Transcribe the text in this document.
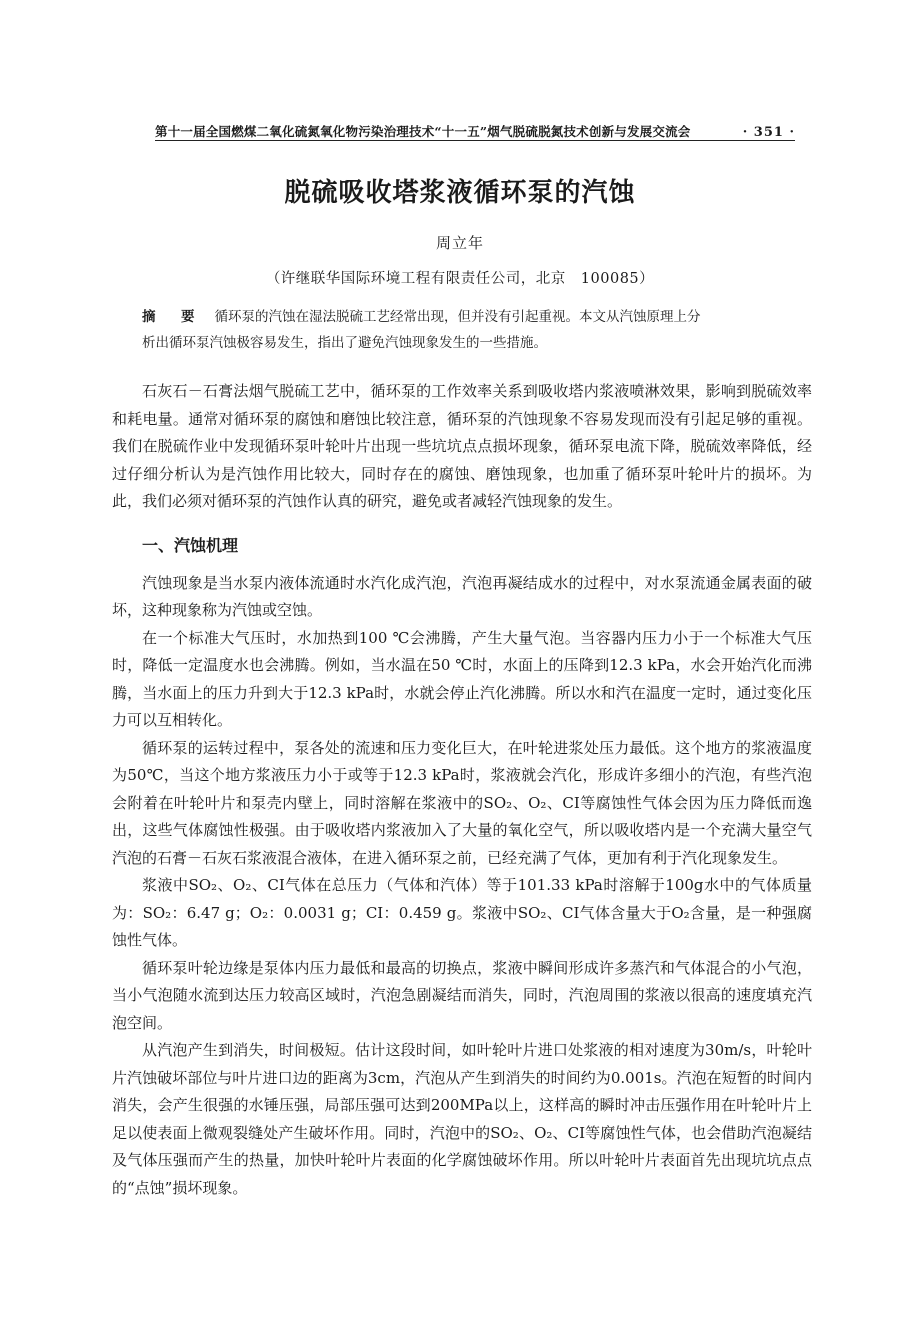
第十一届全国燃煤二氧化硫氮氧化物污染治理技术“十一五”烟气脱硫脱氮技术创新与发展交流会	· 351 ·
脱硫吸收塔浆液循环泵的汽蚀
周立年
（许继联华国际环境工程有限责任公司，北京　100085）
摘　要 循环泵的汽蚀在湿法脱硫工艺经常出现，但并没有引起重视。本文从汽蚀原理上分析出循环泵汽蚀极容易发生，指出了避免汽蚀现象发生的一些措施。

石灰石－石膏法烟气脱硫工艺中，循环泵的工作效率关系到吸收塔内浆液喷淋效果，影响到脱硫效率和耗电量。通常对循环泵的腐蚀和磨蚀比较注意，循环泵的汽蚀现象不容易发现而没有引起足够的重视。我们在脱硫作业中发现循环泵叶轮叶片出现一些坑坑点点损坏现象，循环泵电流下降，脱硫效率降低，经过仔细分析认为是汽蚀作用比较大，同时存在的腐蚀、磨蚀现象，也加重了循环泵叶轮叶片的损坏。为此，我们必须对循环泵的汽蚀作认真的研究，避免或者减轻汽蚀现象的发生。

一、汽蚀机理

汽蚀现象是当水泵内液体流通时水汽化成汽泡，汽泡再凝结成水的过程中，对水泵流通金属表面的破坏，这种现象称为汽蚀或空蚀。

在一个标准大气压时，水加热到100 ℃会沸腾，产生大量气泡。当容器内压力小于一个标准大气压时，降低一定温度水也会沸腾。例如，当水温在50 ℃时，水面上的压降到12.3 kPa，水会开始汽化而沸腾，当水面上的压力升到大于12.3 kPa时，水就会停止汽化沸腾。所以水和汽在温度一定时，通过变化压力可以互相转化。

循环泵的运转过程中，泵各处的流速和压力变化巨大，在叶轮进浆处压力最低。这个地方的浆液温度为50℃，当这个地方浆液压力小于或等于12.3 kPa时，浆液就会汽化，形成许多细小的汽泡，有些汽泡会附着在叶轮叶片和泵壳内壁上，同时溶解在浆液中的SO₂、O₂、CI等腐蚀性气体会因为压力降低而逸出，这些气体腐蚀性极强。由于吸收塔内浆液加入了大量的氧化空气，所以吸收塔内是一个充满大量空气汽泡的石膏－石灰石浆液混合液体，在进入循环泵之前，已经充满了气体，更加有利于汽化现象发生。

浆液中SO₂、O₂、CI气体在总压力（气体和汽体）等于101.33 kPa时溶解于100g水中的气体质量为：SO₂：6.47 g；O₂：0.0031 g；CI：0.459 g。浆液中SO₂、CI气体含量大于O₂含量，是一种强腐蚀性气体。

循环泵叶轮边缘是泵体内压力最低和最高的切换点，浆液中瞬间形成许多蒸汽和气体混合的小气泡，当小气泡随水流到达压力较高区域时，汽泡急剧凝结而消失，同时，汽泡周围的浆液以很高的速度填充汽泡空间。

从汽泡产生到消失，时间极短。估计这段时间，如叶轮叶片进口处浆液的相对速度为30m/s，叶轮叶片汽蚀破坏部位与叶片进口边的距离为3cm，汽泡从产生到消失的时间约为0.001s。汽泡在短暂的时间内消失，会产生很强的水锤压强，局部压强可达到200MPa以上，这样高的瞬时冲击压强作用在叶轮叶片上足以使表面上微观裂缝处产生破坏作用。同时，汽泡中的SO₂、O₂、CI等腐蚀性气体，也会借助汽泡凝结及气体压强而产生的热量，加快叶轮叶片表面的化学腐蚀破坏作用。所以叶轮叶片表面首先出现坑坑点点的“点蚀”损坏现象。
